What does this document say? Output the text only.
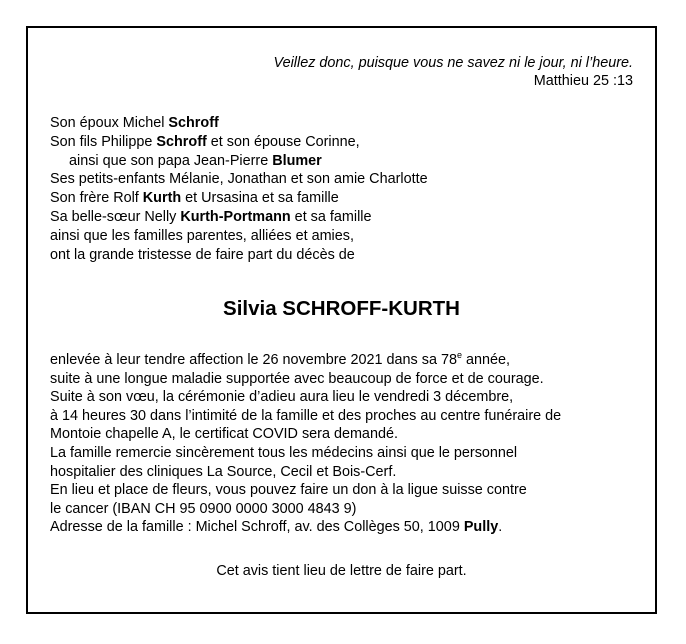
Veillez donc, puisque vous ne savez ni le jour, ni l’heure.
Matthieu 25 :13
Son époux Michel Schroff
Son fils Philippe Schroff et son épouse Corinne,
ainsi que son papa Jean-Pierre Blumer
Ses petits-enfants Mélanie, Jonathan et son amie Charlotte
Son frère Rolf Kurth et Ursasina et sa famille
Sa belle-sœur Nelly Kurth-Portmann et sa famille
ainsi que les familles parentes, alliées et amies,
ont la grande tristesse de faire part du décès de
Silvia SCHROFF-KURTH
enlevée à leur tendre affection le 26 novembre 2021 dans sa 78e année,
suite à une longue maladie supportée avec beaucoup de force et de courage.
Suite à son vœu, la cérémonie d’adieu aura lieu le vendredi 3 décembre,
à 14 heures 30 dans l’intimité de la famille et des proches au centre funéraire de
Montoie chapelle A, le certificat COVID sera demandé.
La famille remercie sincèrement tous les médecins ainsi que le personnel
hospitalier des cliniques La Source, Cecil et Bois-Cerf.
En lieu et place de fleurs, vous pouvez faire un don à la ligue suisse contre
le cancer (IBAN CH 95 0900 0000 3000 4843 9)
Adresse de la famille : Michel Schroff, av. des Collèges 50, 1009 Pully.
Cet avis tient lieu de lettre de faire part.
